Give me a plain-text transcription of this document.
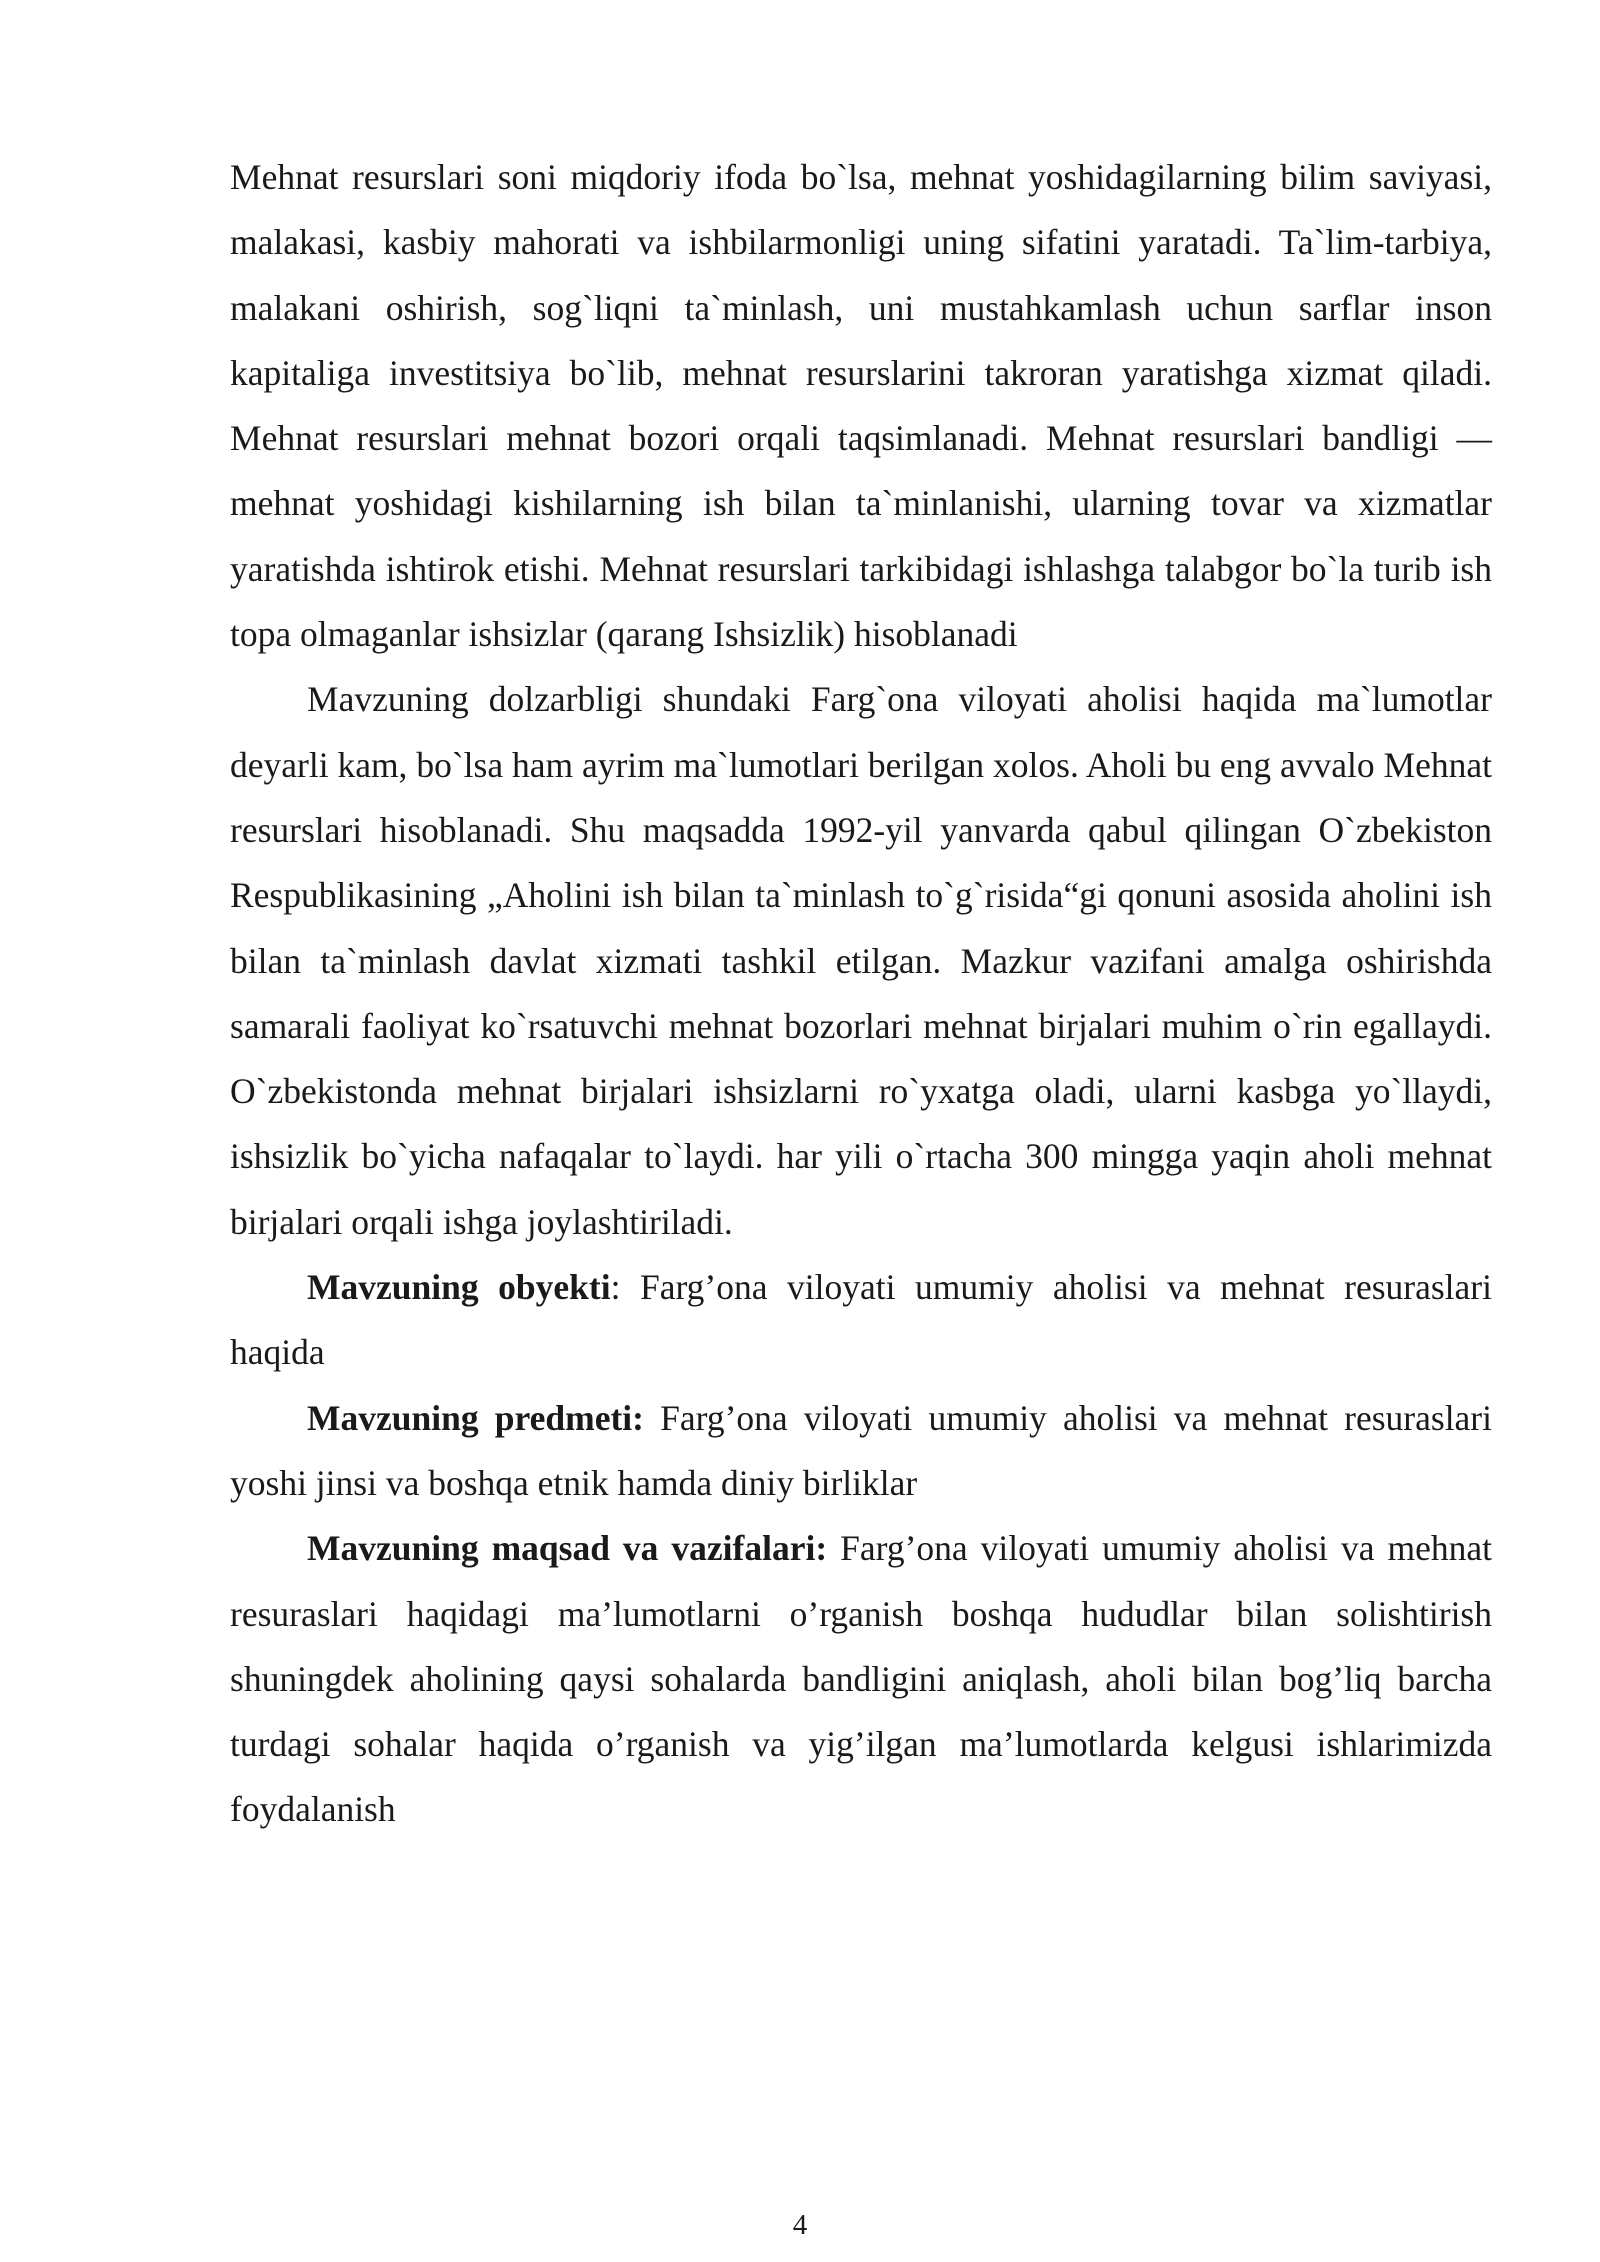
Mehnat resurslari soni miqdoriy ifoda bo`lsa, mehnat yoshidagilarning bilim saviyasi, malakasi, kasbiy mahorati va ishbilarmonligi uning sifatini yaratadi. Ta`lim-tarbiya, malakani oshirish, sog`liqni ta`minlash, uni mustahkamlash uchun sarflar inson kapitaliga investitsiya bo`lib, mehnat resurslarini takroran yaratishga xizmat qiladi. Mehnat resurslari mehnat bozori orqali taqsimlanadi. Mehnat resurslari bandligi — mehnat yoshidagi kishilarning ish bilan ta`minlanishi, ularning tovar va xizmatlar yaratishda ishtirok etishi. Mehnat resurslari tarkibidagi ishlashga talabgor bo`la turib ish topa olmaganlar ishsizlar (qarang Ishsizlik) hisoblanadi

Mavzuning dolzarbligi shundaki Farg`ona viloyati aholisi haqida ma`lumotlar deyarli kam, bo`lsa ham ayrim ma`lumotlari berilgan xolos. Aholi bu eng avvalo Mehnat resurslari hisoblanadi. Shu maqsadda 1992-yil yanvarda qabul qilingan O`zbekiston Respublikasining „Aholini ish bilan ta`minlash to`g`risida“gi qonuni asosida aholini ish bilan ta`minlash davlat xizmati tashkil etilgan. Mazkur vazifani amalga oshirishda samarali faoliyat ko`rsatuvchi mehnat bozorlari mehnat birjalari muhim o`rin egallaydi. O`zbekistonda mehnat birjalari ishsizlarni ro`yxatga oladi, ularni kasbga yo`llaydi, ishsizlik bo`yicha nafaqalar to`laydi. har yili o`rtacha 300 mingga yaqin aholi mehnat birjalari orqali ishga joylashtiriladi.

Mavzuning obyekti: Farg’ona viloyati umumiy aholisi va mehnat resuraslari haqida

Mavzuning predmeti: Farg’ona viloyati umumiy aholisi va mehnat resuraslari yoshi jinsi va boshqa etnik hamda diniy birliklar

Mavzuning maqsad va vazifalari: Farg’ona viloyati umumiy aholisi va mehnat resuraslari haqidagi ma’lumotlarni o’rganish boshqa hududlar bilan solishtirish shuningdek aholining qaysi sohalarda bandligini aniqlash, aholi bilan bog’liq barcha turdagi sohalar haqida o’rganish va yig’ilgan ma’lumotlarda kelgusi ishlarimizda foydalanish

4
